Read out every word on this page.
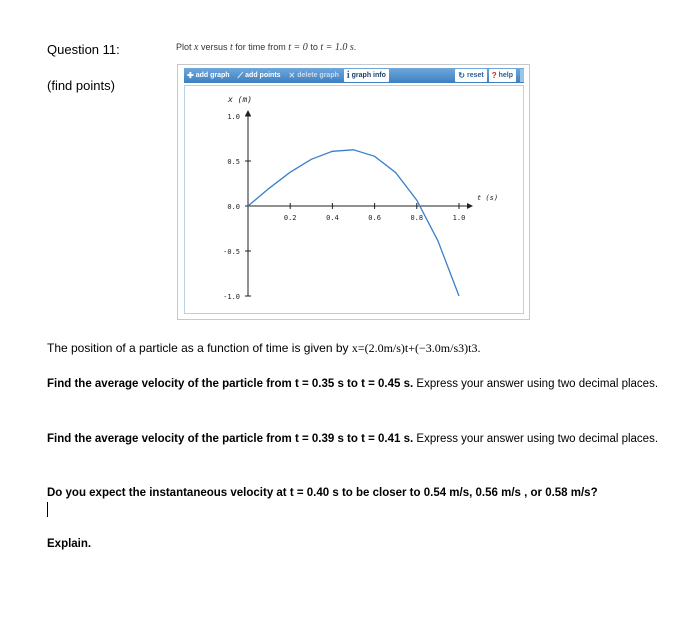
Question 11:
(find points)
Plot x versus t for time from t = 0 to t = 1.0 s.
✚ add graph ⟋ add points ✕ delete graph i graph info	↻ reset ? help
0.2	0.4	0.6	0.8	1.0
1.0
0.5
0.0
-0.5
-1.0
x (m)
t (s)
The position of a particle as a function of time is given by x=(2.0m/s)t+(−3.0m/s3)t3.
Find the average velocity of the particle from t = 0.35 s to t = 0.45 s. Express your answer using two decimal places.
Find the average velocity of the particle from t = 0.39 s to t = 0.41 s. Express your answer using two decimal places.
Do you expect the instantaneous velocity at t = 0.40 s to be closer to 0.54 m/s, 0.56 m/s , or 0.58 m/s?
Explain.
